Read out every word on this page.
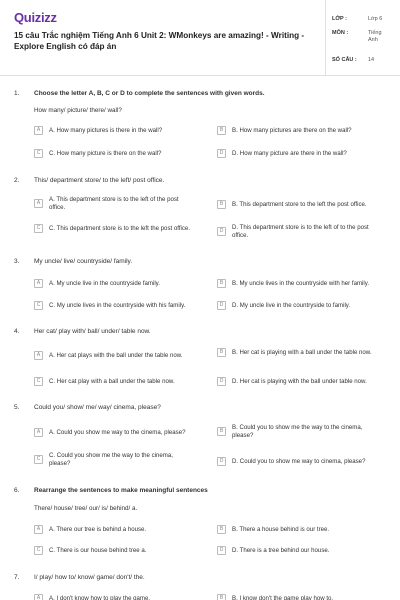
Quizizz
15 câu Trắc nghiệm Tiếng Anh 6 Unit 2: WMonkeys are amazing! - Writing - Explore English có đáp án
LỚP :	Lớp 6
MÔN :	Tiếng Anh
SỐ CÂU : 14
1. Choose the letter A, B, C or D to complete the sentences with given words.
How many/ picture/ there/ wall?
A	A. How many pictures is there in the wall?	B	B. How many pictures are there on the wall?
C	C. How many picture is there on the wall?	D	D. How many picture are there in the wall?
2. This/ department store/ to the left/ post office.
A	A. This department store is to the left of the post office.	B	B. This department store to the left the post office.
C	C. This department store is to the left the post office.	D	D. This department store is to the left of to the post office.
3. My uncle/ live/ countryside/ family.
A	A. My uncle live in the countryside family.	B	B. My uncle lives in the countryside with her family.
C	C. My uncle lives in the countryside with his family.	D	D. My uncle live in the countryside to family.
4. Her cat/ play with/ ball/ under/ table now.
A	A. Her cat plays with the ball under the table now.	B	B. Her cat is playing with a ball under the table now.
C	C. Her cat play with a ball under the table now.	D	D. Her cat is playing with the ball under table now.
5. Could you/ show/ me/ way/ cinema, please?
A	A. Could you show me way to the cinema, please?	B	B. Could you to show me the way to the cinema, please?
C	C. Could you show me the way to the cinema, please?	D	D. Could you to show me way to cinema, please?
6. Rearrange the sentences to make meaningful sentences
There/ house/ tree/ our/ is/ behind/ a.
A	A. There our tree is behind a house.	B	B. There a house behind is our tree.
C	C. There is our house behind tree a.	D	D. There is a tree behind our house.
7. I/ play/ how to/ know/ game/ don't/ the.
A	A. I don't know how to play the game.	B	B. I know don't the game play how to.
